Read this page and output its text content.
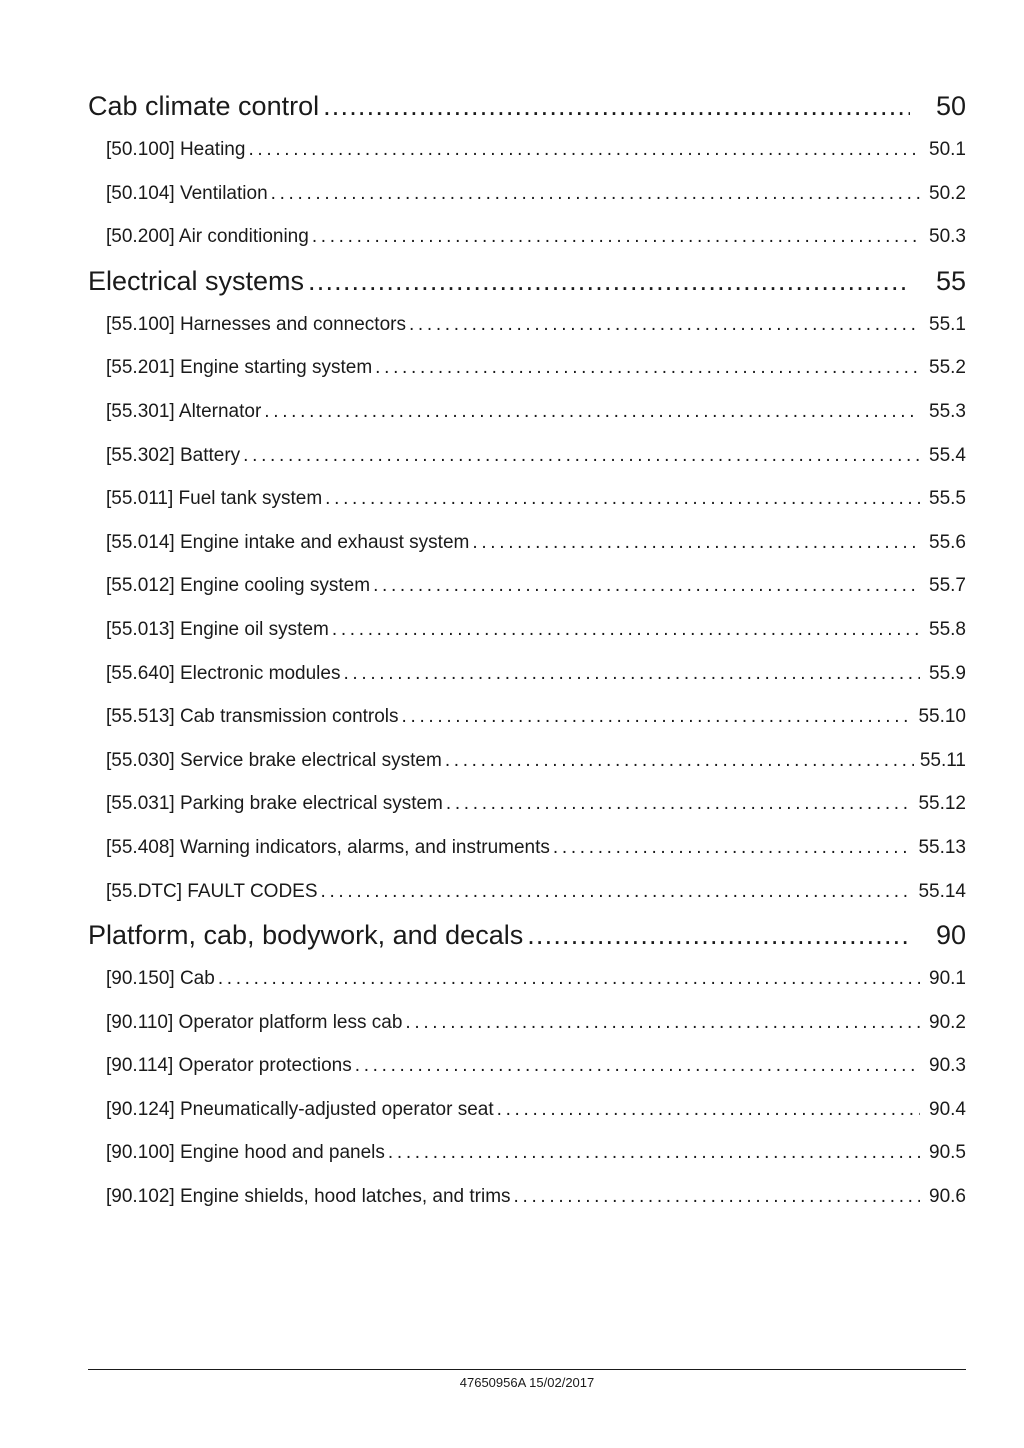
Cab climate control .....	50
[50.100] Heating . . .	50.1
[50.104] Ventilation . . .	50.2
[50.200] Air conditioning . . .	50.3
Electrical systems .....	55
[55.100] Harnesses and connectors . . .	55.1
[55.201] Engine starting system . . .	55.2
[55.301] Alternator . . .	55.3
[55.302] Battery . . .	55.4
[55.011] Fuel tank system . . .	55.5
[55.014] Engine intake and exhaust system . . .	55.6
[55.012] Engine cooling system . . .	55.7
[55.013] Engine oil system . . .	55.8
[55.640] Electronic modules . . .	55.9
[55.513] Cab transmission controls . . .	55.10
[55.030] Service brake electrical system . . .	55.11
[55.031] Parking brake electrical system . . .	55.12
[55.408] Warning indicators, alarms, and instruments . . .	55.13
[55.DTC] FAULT CODES . . .	55.14
Platform, cab, bodywork, and decals .....	90
[90.150] Cab . . .	90.1
[90.110] Operator platform less cab . . .	90.2
[90.114] Operator protections . . .	90.3
[90.124] Pneumatically-adjusted operator seat . . .	90.4
[90.100] Engine hood and panels . . .	90.5
[90.102] Engine shields, hood latches, and trims . . .	90.6
47650956A 15/02/2017
